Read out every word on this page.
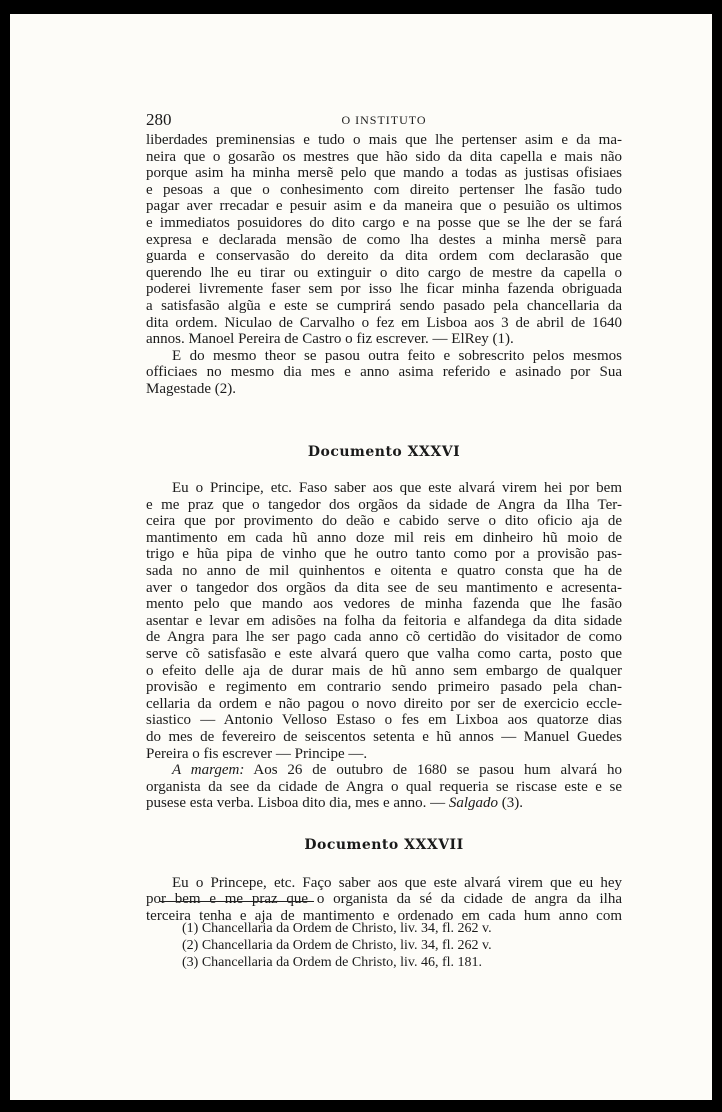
280	O INSTITUTO

liberdades preminensias e tudo o mais que lhe pertenser asim e da ma-
neira que o gosarão os mestres que hão sido da dita capella e mais não
porque asim ha minha mersẽ pelo que mando a todas as justisas ofisiaes
e pesoas a que o conhesimento com direito pertenser lhe fasão tudo
pagar aver rrecadar e pesuir asim e da maneira que o pesuião os ultimos
e immediatos posuidores do dito cargo e na posse que se lhe der se fará
expresa e declarada mensão de como lha destes a minha mersẽ para
guarda e conservasão do dereito da dita ordem com declarasão que
querendo lhe eu tirar ou extinguir o dito cargo de mestre da capella o
poderei livremente faser sem por isso lhe ficar minha fazenda obriguada
a satisfasão algũa e este se cumprirá sendo pasado pela chancellaria da
dita ordem. Niculao de Carvalho o fez em Lisboa aos 3 de abril de 1640
annos. Manoel Pereira de Castro o fiz escrever. — ElRey (1).

E do mesmo theor se pasou outra feito e sobrescrito pelos mesmos
officiaes no mesmo dia mes e anno asima referido e asinado por Sua
Magestade (2).

Documento XXXVI

Eu o Principe, etc. Faso saber aos que este alvará virem hei por bem
e me praz que o tangedor dos orgãos da sidade de Angra da Ilha Ter-
ceira que por provimento do deão e cabido serve o dito oficio aja de
mantimento em cada hũ anno doze mil reis em dinheiro hũ moio de
trigo e hũa pipa de vinho que he outro tanto como por a provisão pas-
sada no anno de mil quinhentos e oitenta e quatro consta que ha de
aver o tangedor dos orgãos da dita see de seu mantimento e acresenta-
mento pelo que mando aos vedores de minha fazenda que lhe fasão
asentar e levar em adisões na folha da feitoria e alfandega da dita sidade
de Angra para lhe ser pago cada anno cõ certidão do visitador de como
serve cõ satisfasão e este alvará quero que valha como carta, posto que
o efeito delle aja de durar mais de hũ anno sem embargo de qualquer
provisão e regimento em contrario sendo primeiro pasado pela chan-
cellaria da ordem e não pagou o novo direito por ser de exercicio eccle-
siastico — Antonio Velloso Estaso o fes em Lixboa aos quatorze dias
do mes de fevereiro de seiscentos setenta e hũ annos — Manuel Guedes
Pereira o fis escrever — Principe —.

A margem: Aos 26 de outubro de 1680 se pasou hum alvará ho
organista da see da cidade de Angra o qual requeria se riscase este e se
pusese esta verba. Lisboa dito dia, mes e anno. — Salgado (3).

Documento XXXVII

Eu o Princepe, etc. Faço saber aos que este alvará virem que eu hey
por bem e me praz que o organista da sé da cidade de angra da ilha
terceira tenha e aja de mantimento e ordenado em cada hum anno com

(1) Chancellaria da Ordem de Christo, liv. 34, fl. 262 v.
(2) Chancellaria da Ordem de Christo, liv. 34, fl. 262 v.
(3) Chancellaria da Ordem de Christo, liv. 46, fl. 181.
